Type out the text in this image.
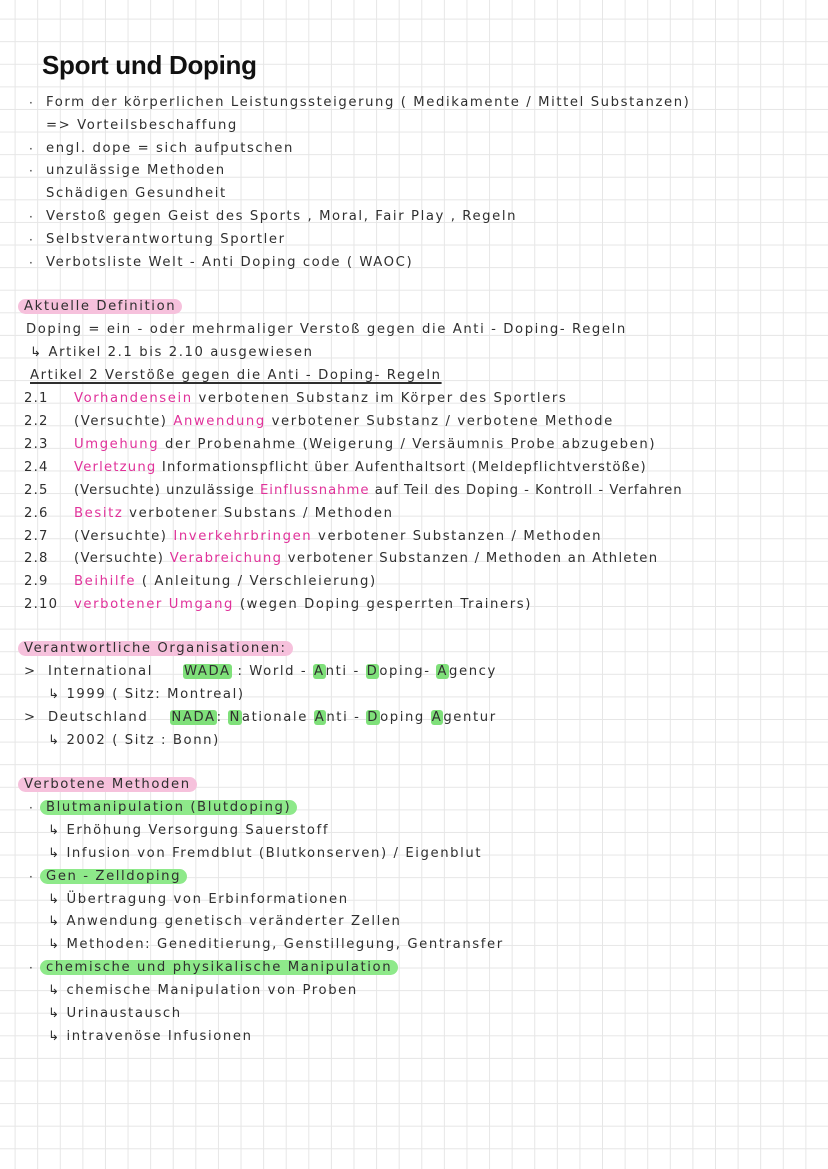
Sport und Doping
· Form der körperlichen Leistungssteigerung ( Medikamente / Mittel Substanzen)
=> Vorteilsbeschaffung
· engl. dope = sich aufputschen
· unzulässige Methoden
Schädigen Gesundheit
· Verstoß gegen Geist des Sports , Moral, Fair Play , Regeln
· Selbstverantwortung Sportler
· Verbotsliste Welt - Anti Doping code ( WAOC)
Aktuelle Definition
Doping = ein - oder mehrmaliger Verstoß gegen die Anti - Doping- Regeln
↳ Artikel 2.1 bis 2.10 ausgewiesen
Artikel 2 Verstöße gegen die Anti - Doping- Regeln
2.1 Vorhandensein verbotenen Substanz im Körper des Sportlers
2.2 (Versuchte) Anwendung verbotener Substanz / verbotene Methode
2.3 Umgehung der Probenahme (Weigerung / Versäumnis Probe abzugeben)
2.4 Verletzung Informationspflicht über Aufenthaltsort (Meldepflichtverstöße)
2.5 (Versuchte) unzulässige Einflussnahme auf Teil des Doping - Kontroll - Verfahren
2.6 Besitz verbotener Substans / Methoden
2.7 (Versuchte) Inverkehrbringen verbotener Substanzen / Methoden
2.8 (Versuchte) Verabreichung verbotener Substanzen / Methoden an Athleten
2.9 Beihilfe ( Anleitung / Verschleierung)
2.10 verbotener Umgang (wegen Doping gesperrten Trainers)
Verantwortliche Organisationen:
> International WADA : World - Anti - Doping- Agency
↳ 1999 ( Sitz: Montreal)
> Deutschland NADA: Nationale Anti - Doping Agentur
↳ 2002 ( Sitz : Bonn)
Verbotene Methoden
· Blutmanipulation (Blutdoping)
↳ Erhöhung Versorgung Sauerstoff
↳ Infusion von Fremdblut (Blutkonserven) / Eigenblut
· Gen - Zelldoping
↳ Übertragung von Erbinformationen
↳ Anwendung genetisch veränderter Zellen
↳ Methoden: Geneditierung, Genstillegung, Gentransfer
· chemische und physikalische Manipulation
↳ chemische Manipulation von Proben
↳ Urinaustausch
↳ intravenöse Infusionen
